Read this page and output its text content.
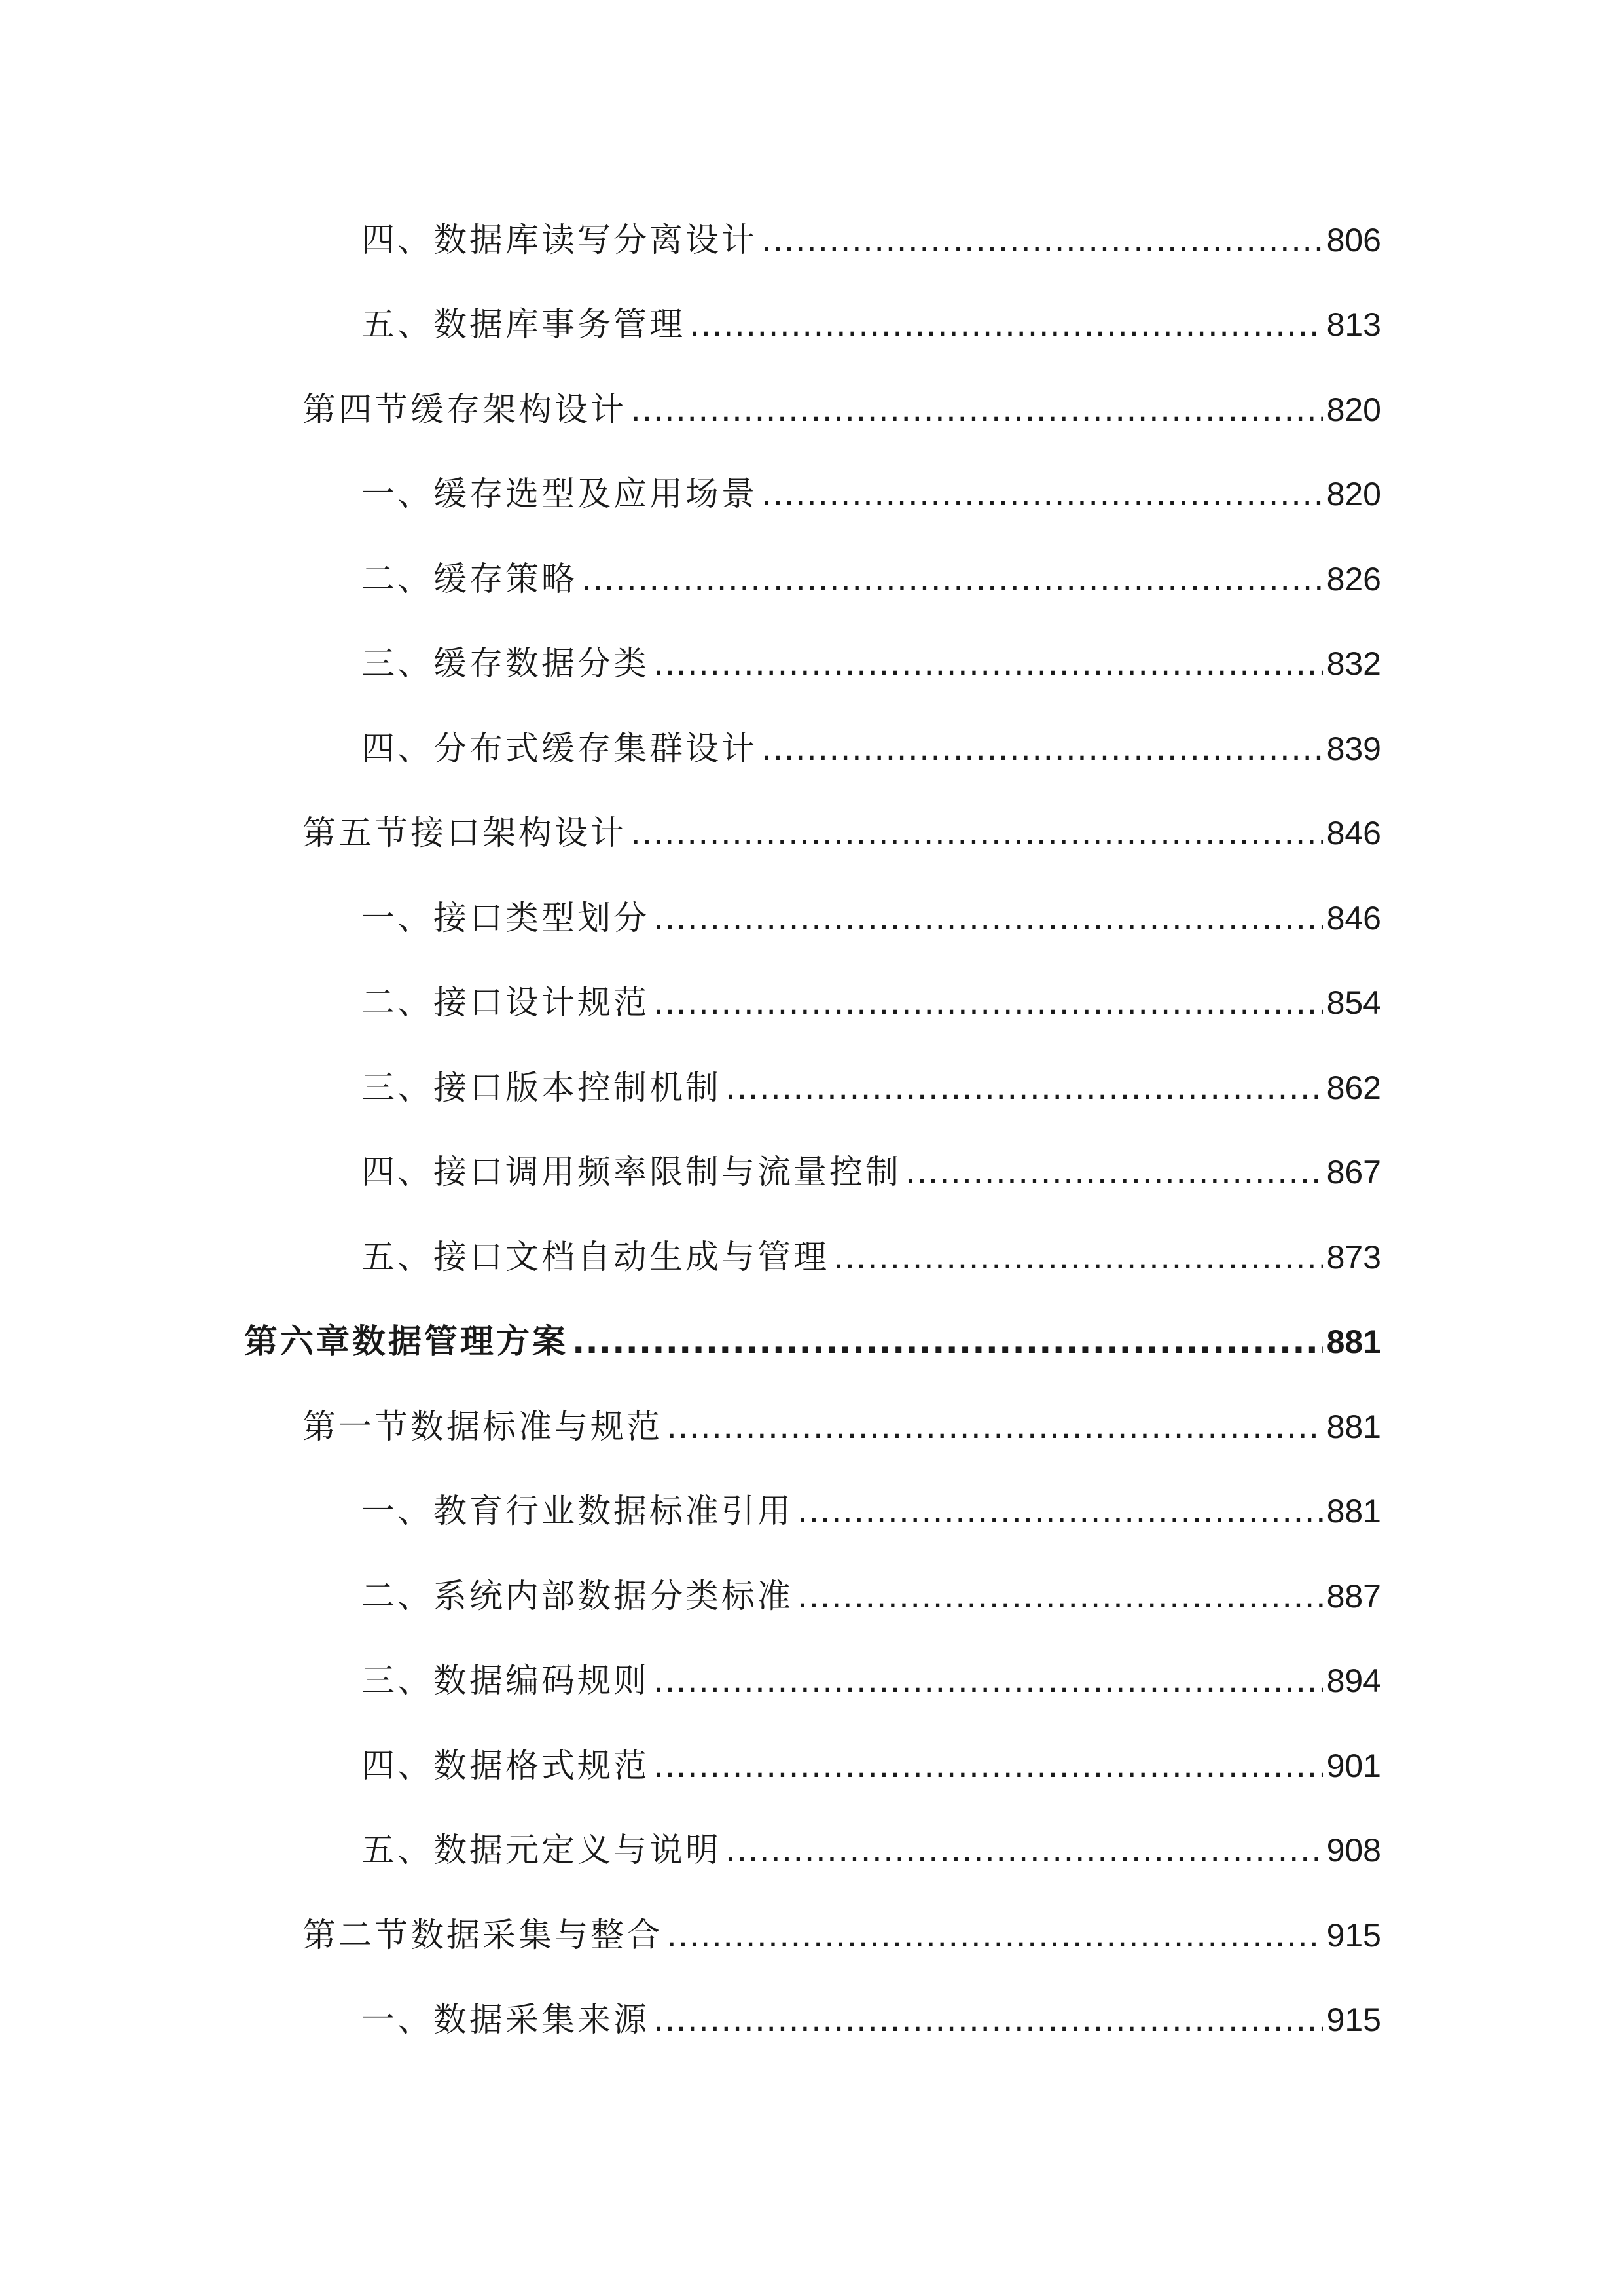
四、数据库读写分离设计 .....	806
五、数据库事务管理 .....	813
第四节缓存架构设计 .....	820
一、缓存选型及应用场景 .....	820
二、缓存策略 .....	826
三、缓存数据分类 .....	832
四、分布式缓存集群设计 .....	839
第五节接口架构设计 .....	846
一、接口类型划分 .....	846
二、接口设计规范 .....	854
三、接口版本控制机制 .....	862
四、接口调用频率限制与流量控制 .....	867
五、接口文档自动生成与管理 .....	873
第六章数据管理方案 .....	881
第一节数据标准与规范 .....	881
一、教育行业数据标准引用 .....	881
二、系统内部数据分类标准 .....	887
三、数据编码规则 .....	894
四、数据格式规范 .....	901
五、数据元定义与说明 .....	908
第二节数据采集与整合 .....	915
一、数据采集来源 .....	915
